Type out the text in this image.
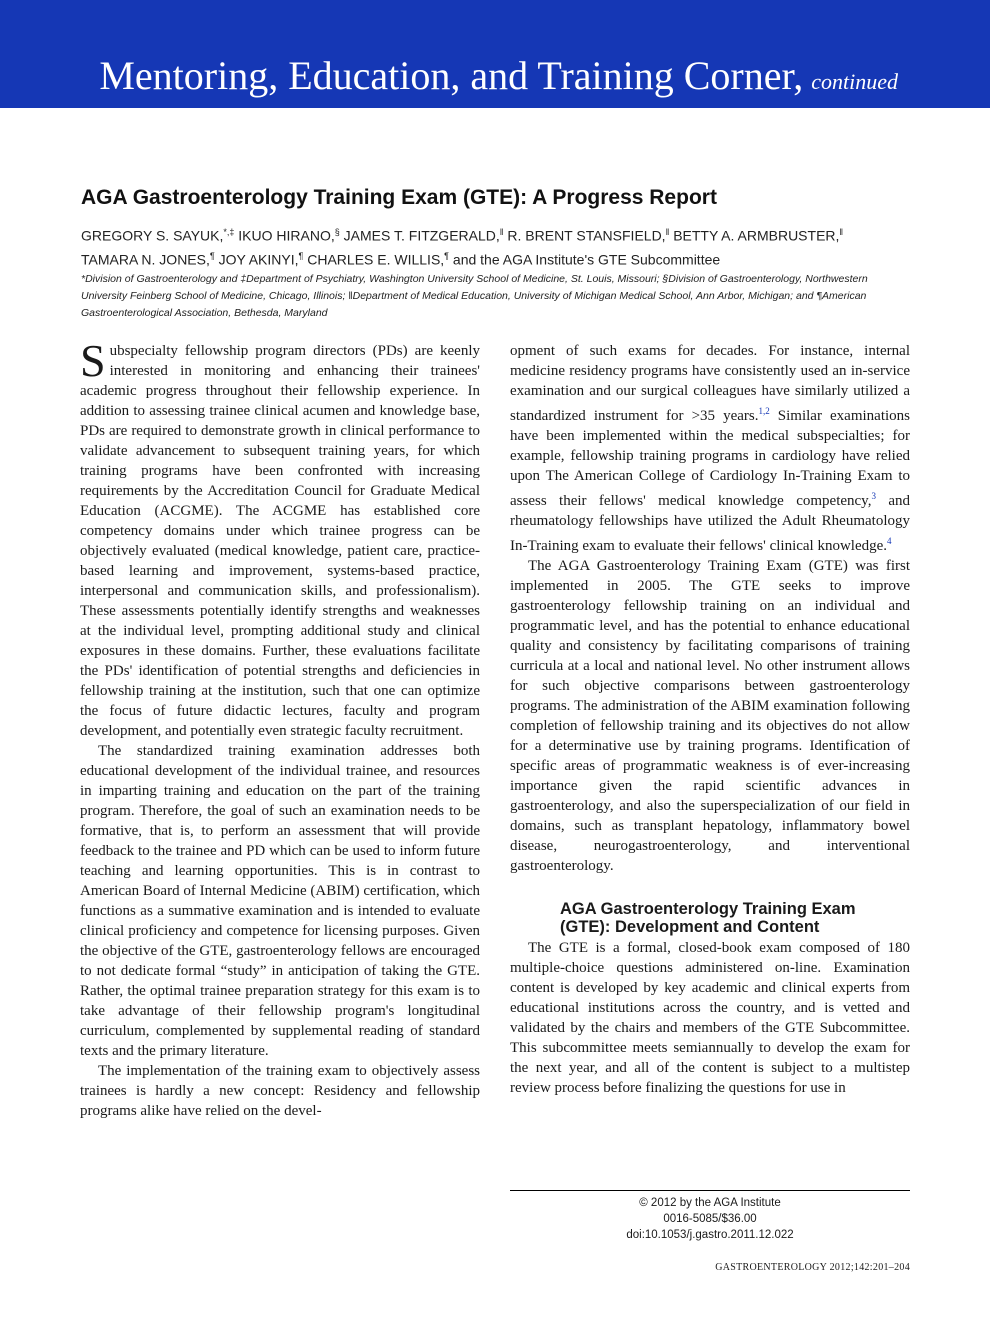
Mentoring, Education, and Training Corner, continued
AGA Gastroenterology Training Exam (GTE): A Progress Report

GREGORY S. SAYUK,*,‡ IKUO HIRANO,§ JAMES T. FITZGERALD,‖ R. BRENT STANSFIELD,‖ BETTY A. ARMBRUSTER,‖
TAMARA N. JONES,¶ JOY AKINYI,¶ CHARLES E. WILLIS,¶ and the AGA Institute's GTE Subcommittee

*Division of Gastroenterology and ‡Department of Psychiatry, Washington University School of Medicine, St. Louis, Missouri; §Division of Gastroenterology, Northwestern University Feinberg School of Medicine, Chicago, Illinois; ‖Department of Medical Education, University of Michigan Medical School, Ann Arbor, Michigan; and ¶American Gastroenterological Association, Bethesda, Maryland

Subspecialty fellowship program directors (PDs) are keenly interested in monitoring and enhancing their trainees' academic progress throughout their fellowship experience. In addition to assessing trainee clinical acumen and knowledge base, PDs are required to demonstrate growth in clinical performance to validate advancement to subsequent training years, for which training programs have been confronted with increasing requirements by the Accreditation Council for Graduate Medical Education (ACGME). The ACGME has established core competency domains under which trainee progress can be objectively evaluated (medical knowledge, patient care, practice-based learning and improvement, systems-based practice, interpersonal and communication skills, and professionalism). These assessments potentially identify strengths and weaknesses at the individual level, prompting additional study and clinical exposures in these domains. Further, these evaluations facilitate the PDs' identification of potential strengths and deficiencies in fellowship training at the institution, such that one can optimize the focus of future didactic lectures, faculty and program development, and potentially even strategic faculty recruitment.

The standardized training examination addresses both educational development of the individual trainee, and resources in imparting training and education on the part of the training program. Therefore, the goal of such an examination needs to be formative, that is, to perform an assessment that will provide feedback to the trainee and PD which can be used to inform future teaching and learning opportunities. This is in contrast to American Board of Internal Medicine (ABIM) certification, which functions as a summative examination and is intended to evaluate clinical proficiency and competence for licensing purposes. Given the objective of the GTE, gastroenterology fellows are encouraged to not dedicate formal “study” in anticipation of taking the GTE. Rather, the optimal trainee preparation strategy for this exam is to take advantage of their fellowship program's longitudinal curriculum, complemented by supplemental reading of standard texts and the primary literature.

The implementation of the training exam to objectively assess trainees is hardly a new concept: Residency and fellowship programs alike have relied on the devel-

opment of such exams for decades. For instance, internal medicine residency programs have consistently used an in-service examination and our surgical colleagues have similarly utilized a standardized instrument for >35 years.$^{1,2}$ Similar examinations have been implemented within the medical subspecialties; for example, fellowship training programs in cardiology have relied upon The American College of Cardiology In-Training Exam to assess their fellows' medical knowledge competency,$^3$ and rheumatology fellowships have utilized the Adult Rheumatology In-Training exam to evaluate their fellows' clinical knowledge.$^4$

The AGA Gastroenterology Training Exam (GTE) was first implemented in 2005. The GTE seeks to improve gastroenterology fellowship training on an individual and programmatic level, and has the potential to enhance educational quality and consistency by facilitating comparisons of training curricula at a local and national level. No other instrument allows for such objective comparisons between gastroenterology programs. The administration of the ABIM examination following completion of fellowship training and its objectives do not allow for a determinative use by training programs. Identification of specific areas of programmatic weakness is of ever-increasing importance given the rapid scientific advances in gastroenterology, and also the superspecialization of our field in domains, such as transplant hepatology, inflammatory bowel disease, neurogastroenterology, and interventional gastroenterology.

AGA Gastroenterology Training Exam (GTE): Development and Content

The GTE is a formal, closed-book exam composed of 180 multiple-choice questions administered on-line. Examination content is developed by key academic and clinical experts from educational institutions across the country, and is vetted and validated by the chairs and members of the GTE Subcommittee. This subcommittee meets semiannually to develop the exam for the next year, and all of the content is subject to a multistep review process before finalizing the questions for use in

© 2012 by the AGA Institute
0016-5085/$36.00
doi:10.1053/j.gastro.2011.12.022
GASTROENTEROLOGY 2012;142:201–204
